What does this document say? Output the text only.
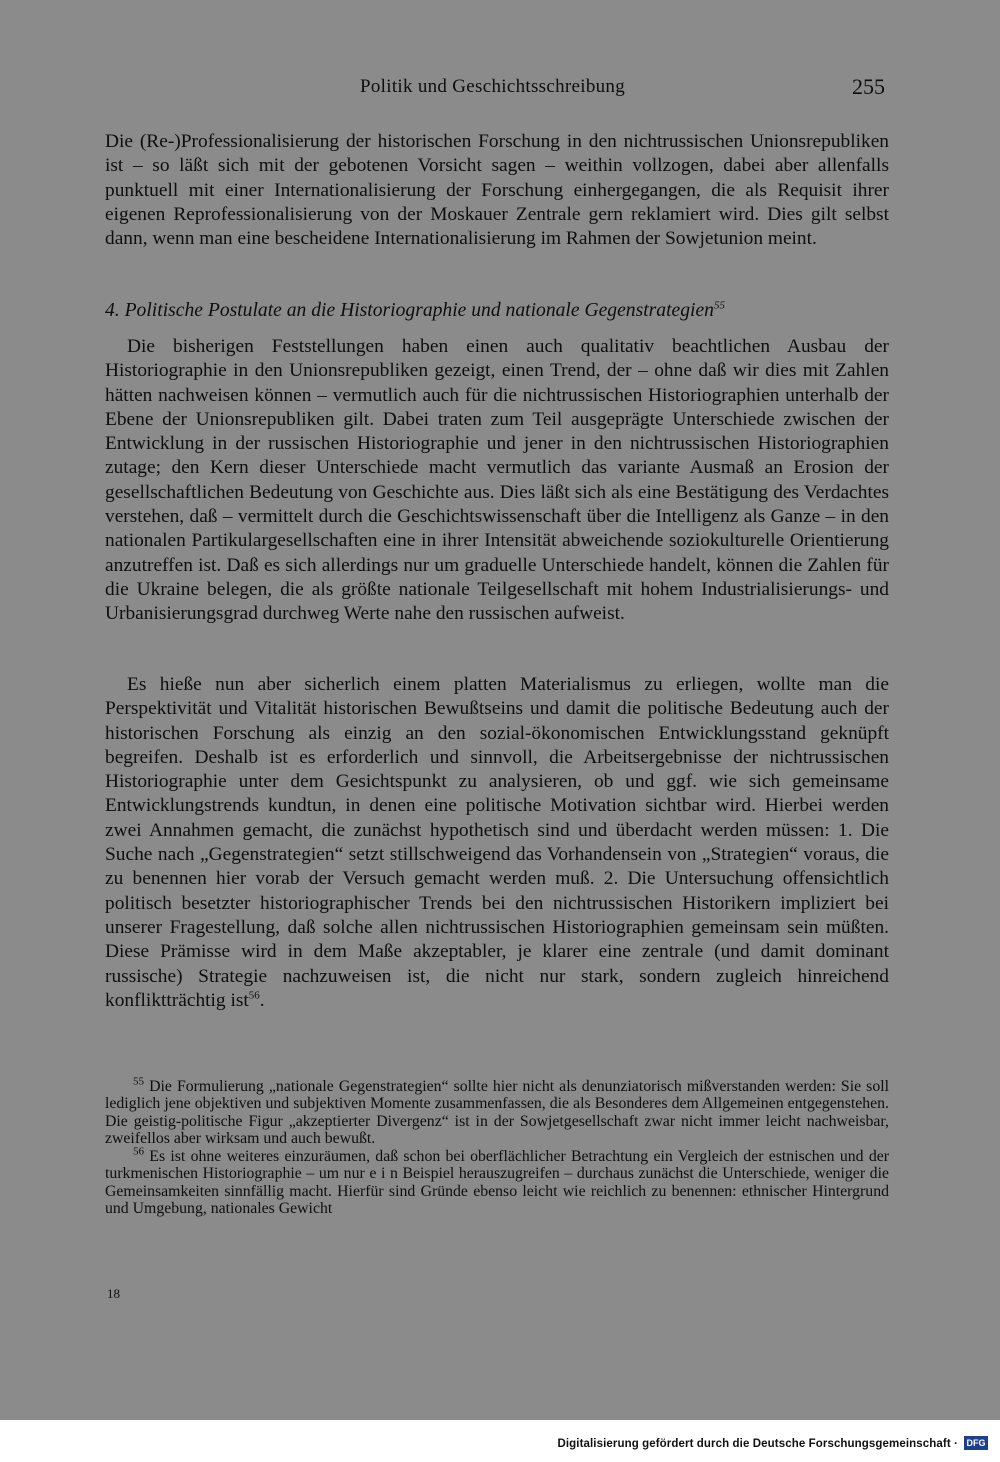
Politik und Geschichtsschreibung	255

Die (Re-)Professionalisierung der historischen Forschung in den nichtrussischen Unionsrepubliken ist – so läßt sich mit der gebotenen Vorsicht sagen – weithin vollzogen, dabei aber allenfalls punktuell mit einer Internationalisierung der Forschung einhergegangen, die als Requisit ihrer eigenen Reprofessionalisierung von der Moskauer Zentrale gern reklamiert wird. Dies gilt selbst dann, wenn man eine bescheidene Internationalisierung im Rahmen der Sowjetunion meint.

4. Politische Postulate an die Historiographie und nationale Gegenstrategien$^{55}$

Die bisherigen Feststellungen haben einen auch qualitativ beachtlichen Ausbau der Historiographie in den Unionsrepubliken gezeigt, einen Trend, der – ohne daß wir dies mit Zahlen hätten nachweisen können – vermutlich auch für die nichtrussischen Historiographien unterhalb der Ebene der Unionsrepubliken gilt. Dabei traten zum Teil ausgeprägte Unterschiede zwischen der Entwicklung in der russischen Historiographie und jener in den nichtrussischen Historiographien zutage; den Kern dieser Unterschiede macht vermutlich das variante Ausmaß an Erosion der gesellschaftlichen Bedeutung von Geschichte aus. Dies läßt sich als eine Bestätigung des Verdachtes verstehen, daß – vermittelt durch die Geschichtswissenschaft über die Intelligenz als Ganze – in den nationalen Partikulargesellschaften eine in ihrer Intensität abweichende soziokulturelle Orientierung anzutreffen ist. Daß es sich allerdings nur um graduelle Unterschiede handelt, können die Zahlen für die Ukraine belegen, die als größte nationale Teilgesellschaft mit hohem Industrialisierungs- und Urbanisierungsgrad durchweg Werte nahe den russischen aufweist.

Es hieße nun aber sicherlich einem platten Materialismus zu erliegen, wollte man die Perspektivität und Vitalität historischen Bewußtseins und damit die politische Bedeutung auch der historischen Forschung als einzig an den sozial-ökonomischen Entwicklungsstand geknüpft begreifen. Deshalb ist es erforderlich und sinnvoll, die Arbeitsergebnisse der nichtrussischen Historiographie unter dem Gesichtspunkt zu analysieren, ob und ggf. wie sich gemeinsame Entwicklungstrends kundtun, in denen eine politische Motivation sichtbar wird. Hierbei werden zwei Annahmen gemacht, die zunächst hypothetisch sind und überdacht werden müssen: 1. Die Suche nach „Gegenstrategien“ setzt stillschweigend das Vorhandensein von „Strategien“ voraus, die zu benennen hier vorab der Versuch gemacht werden muß. 2. Die Untersuchung offensichtlich politisch besetzter historiographischer Trends bei den nichtrussischen Historikern impliziert bei unserer Fragestellung, daß solche allen nichtrussischen Historiographien gemeinsam sein müßten. Diese Prämisse wird in dem Maße akzeptabler, je klarer eine zentrale (und damit dominant russische) Strategie nachzuweisen ist, die nicht nur stark, sondern zugleich hinreichend konfliktträchtig ist$^{56}$.

$^{55}$ Die Formulierung „nationale Gegenstrategien“ sollte hier nicht als denunziatorisch mißverstanden werden: Sie soll lediglich jene objektiven und subjektiven Momente zusammenfassen, die als Besonderes dem Allgemeinen entgegenstehen. Die geistig-politische Figur „akzeptierter Divergenz“ ist in der Sowjetgesellschaft zwar nicht immer leicht nachweisbar, zweifellos aber wirksam und auch bewußt.

$^{56}$ Es ist ohne weiteres einzuräumen, daß schon bei oberflächlicher Betrachtung ein Vergleich der estnischen und der turkmenischen Historiographie – um nur e i n Beispiel herauszugreifen – durchaus zunächst die Unterschiede, weniger die Gemeinsamkeiten sinnfällig macht. Hierfür sind Gründe ebenso leicht wie reichlich zu benennen: ethnischer Hintergrund und Umgebung, nationales Gewicht

18
Digitalisierung gefördert durch die Deutsche Forschungsgemeinschaft · DFG
